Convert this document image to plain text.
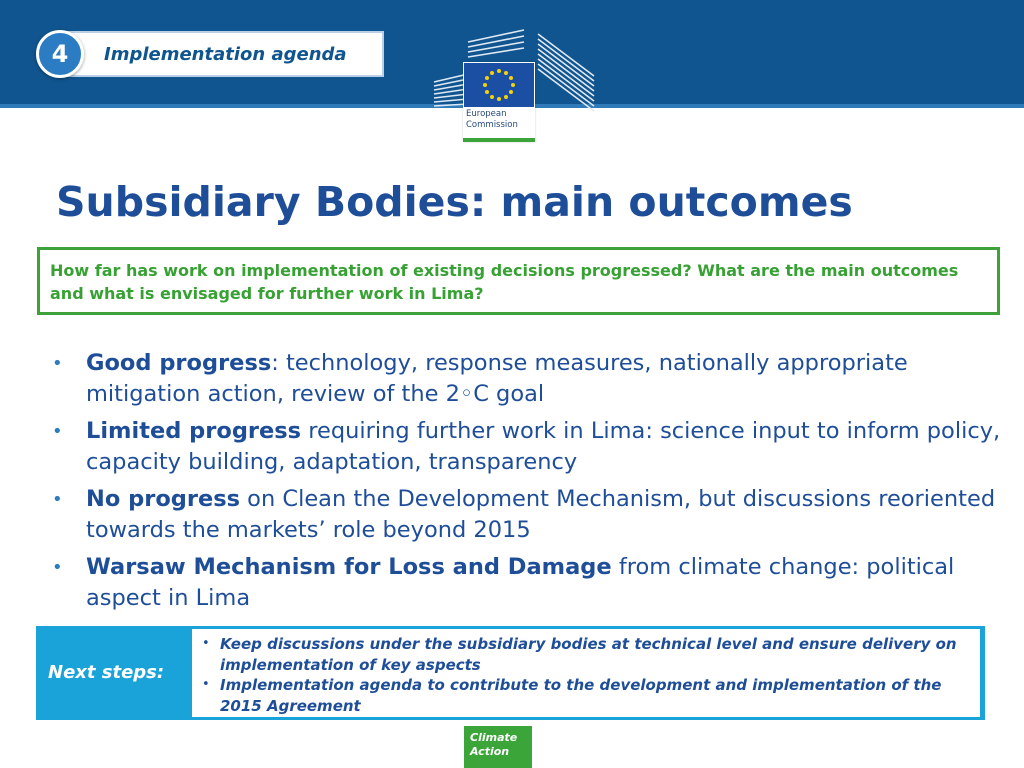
Implementation agenda
4
European
Commission
Subsidiary Bodies: main outcomes

How far has work on implementation of existing decisions progressed? What are the main outcomes and what is envisaged for further work in Lima?

• Good progress: technology, response measures, nationally appropriate mitigation action, review of the 2◦C goal
• Limited progress requiring further work in Lima: science input to inform policy, capacity building, adaptation, transparency
• No progress on Clean the Development Mechanism, but discussions reoriented towards the markets’ role beyond 2015
• Warsaw Mechanism for Loss and Damage from climate change: political aspect in Lima
Next steps:
• Keep discussions under the subsidiary bodies at technical level and ensure delivery on implementation of key aspects
• Implementation agenda to contribute to the development and implementation of the 2015 Agreement
Climate
Action
